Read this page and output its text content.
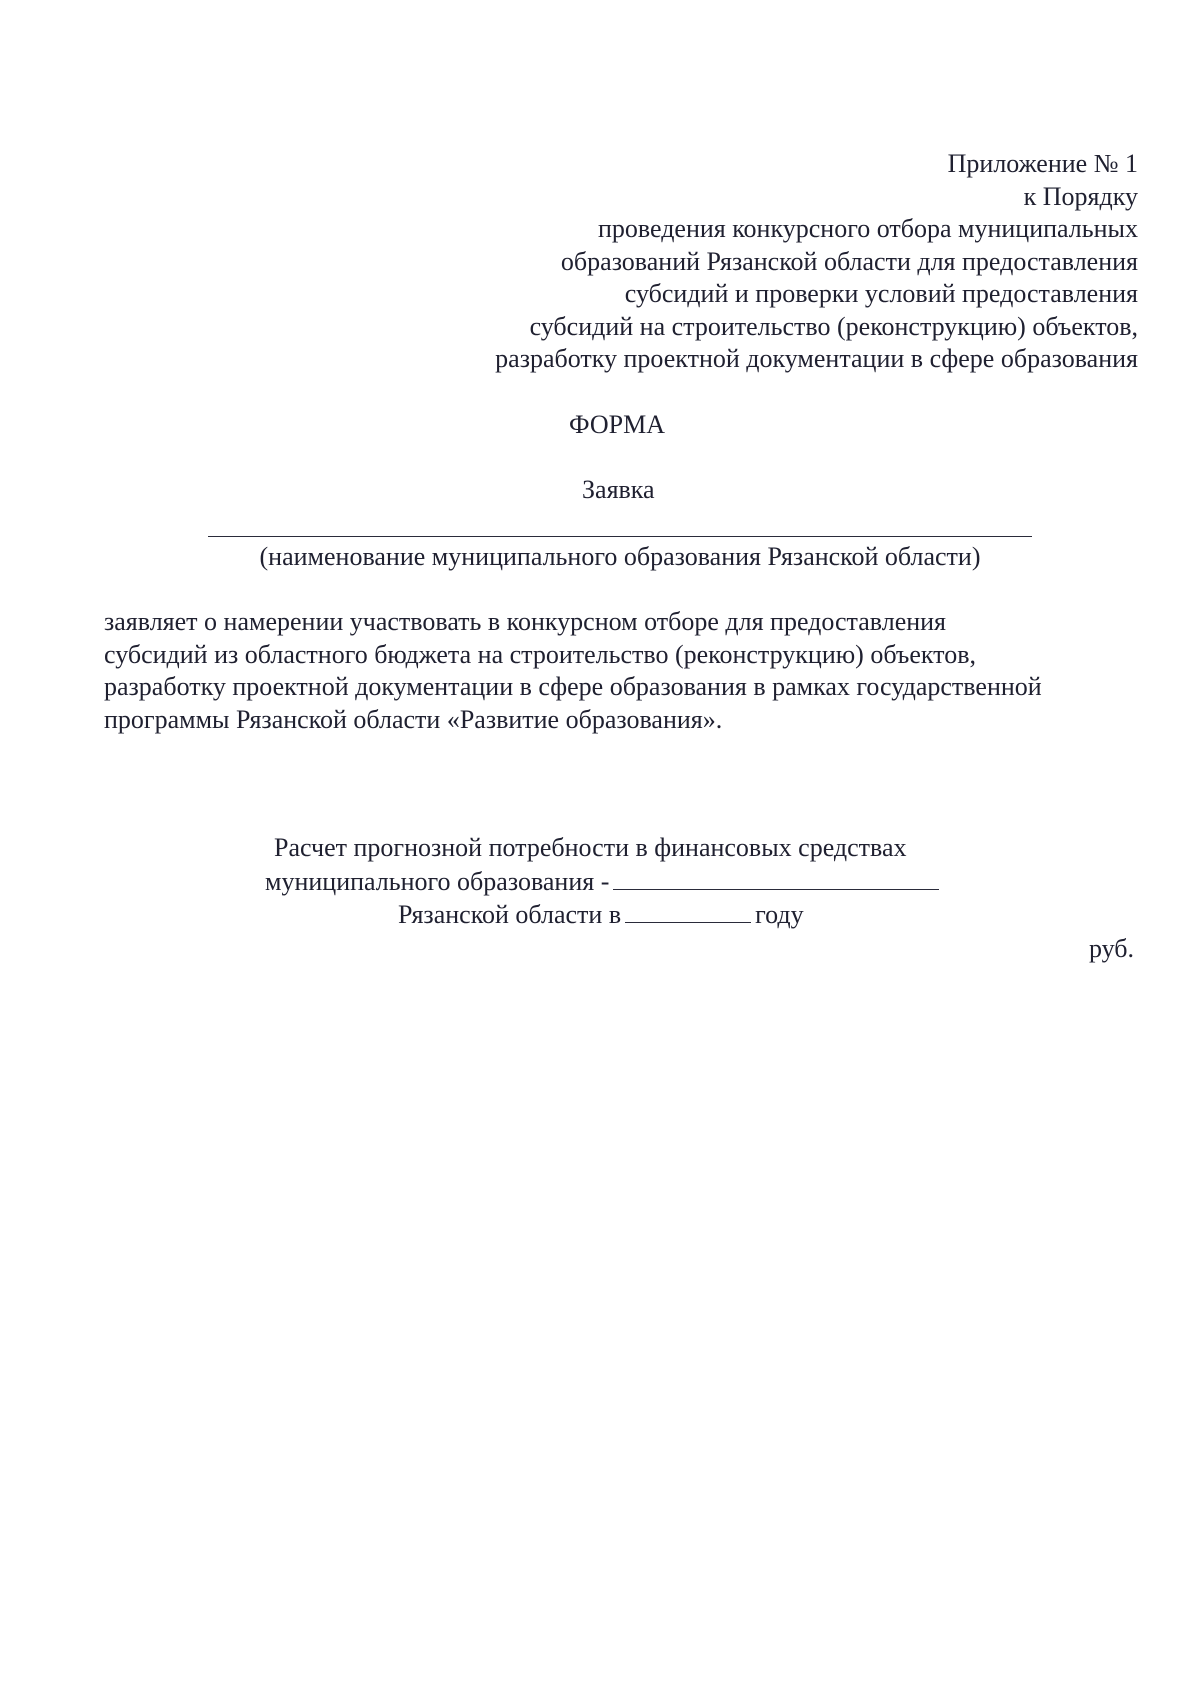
Приложение № 1
к Порядку
проведения конкурсного отбора муниципальных
образований Рязанской области для предоставления
субсидий и проверки условий предоставления
субсидий на строительство (реконструкцию) объектов,
разработку проектной документации в сфере образования
ФОРМА
Заявка
(наименование муниципального образования Рязанской области)
заявляет о намерении участвовать в конкурсном отборе для предоставления
субсидий из областного бюджета на строительство (реконструкцию) объектов,
разработку проектной документации в сфере образования в рамках государственной
программы Рязанской области «Развитие образования».
Расчет прогнозной потребности в финансовых средствах
муниципального образования -
Рязанской области в	году
руб.
